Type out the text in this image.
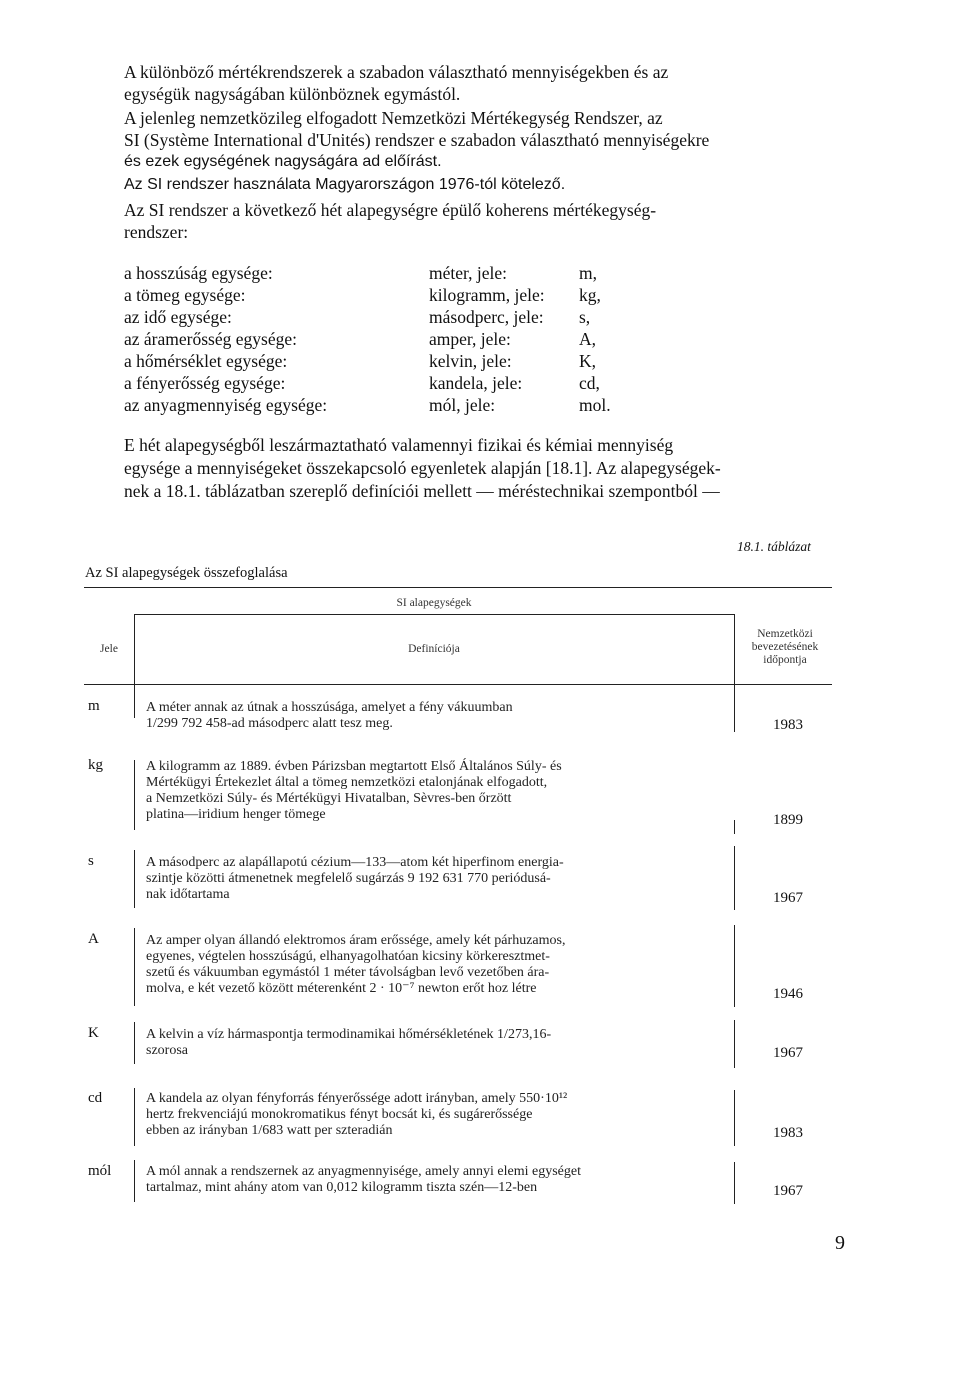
A különböző mértékrendszerek a szabadon választható mennyiségekben és az
egységük nagyságában különböznek egymástól.
A jelenleg nemzetközileg elfogadott Nemzetközi Mértékegység Rendszer, az
SI (Système International d'Unités) rendszer e szabadon választható mennyiségekre
és ezek egységének nagyságára ad előírást.
Az SI rendszer használata Magyarországon 1976-tól kötelező.
Az SI rendszer a következő hét alapegységre épülő koherens mértékegység-
rendszer:
a hosszúság egysége:	méter, jele:	m,
a tömeg egysége:	kilogramm, jele: kg,
az idő egysége:	másodperc, jele: s,
az áramerősség egysége:	amper, jele:	A,
a hőmérséklet egysége:	kelvin, jele:	K,
a fényerősség egysége:	kandela, jele:	cd,
az anyagmennyiség egysége:	mól, jele:	mol.
E hét alapegységből leszármaztatható valamennyi fizikai és kémiai mennyiség
egysége a mennyiségeket összekapcsoló egyenletek alapján [18.1]. Az alapegységek-
nek a 18.1. táblázatban szereplő definíciói mellett — méréstechnikai szempontból —
18.1. táblázat
Az SI alapegységek összefoglalása
SI alapegységek
Jele	Definíciója
Nemzetközi
bevezetésének
időpontja
m	A méter annak az útnak a hosszúsága, amelyet a fény vákuumban
1/299 792 458-ad másodperc alatt tesz meg.	1983
kg	A kilogramm az 1889. évben Párizsban megtartott Első Általános Súly- és
Mértékügyi Értekezlet által a tömeg nemzetközi etalonjának elfogadott,
a Nemzetközi Súly- és Mértékügyi Hivatalban, Sèvres-ben őrzött
platina—iridium henger tömege	1899
s	A másodperc az alapállapotú cézium—133—atom két hiperfinom energia-
szintje közötti átmenetnek megfelelő sugárzás 9 192 631 770 periódusá-
nak időtartama	1967
A	Az amper olyan állandó elektromos áram erőssége, amely két párhuzamos,
egyenes, végtelen hosszúságú, elhanyagolhatóan kicsiny körkeresztmet-
szetű és vákuumban egymástól 1 méter távolságban levő vezetőben ára-
molva, e két vezető között méterenként 2 · 10⁻⁷ newton erőt hoz létre	1946
K	A kelvin a víz hármaspontja termodinamikai hőmérsékletének 1/273,16-
szorosa	1967
cd	A kandela az olyan fényforrás fényerőssége adott irányban, amely 550·10¹²
hertz frekvenciájú monokromatikus fényt bocsát ki, és sugárerőssége
ebben az irányban 1/683 watt per szteradián	1983
mól A mól annak a rendszernek az anyagmennyisége, amely annyi elemi egységet
tartalmaz, mint ahány atom van 0,012 kilogramm tiszta szén—12-ben	1967
9
